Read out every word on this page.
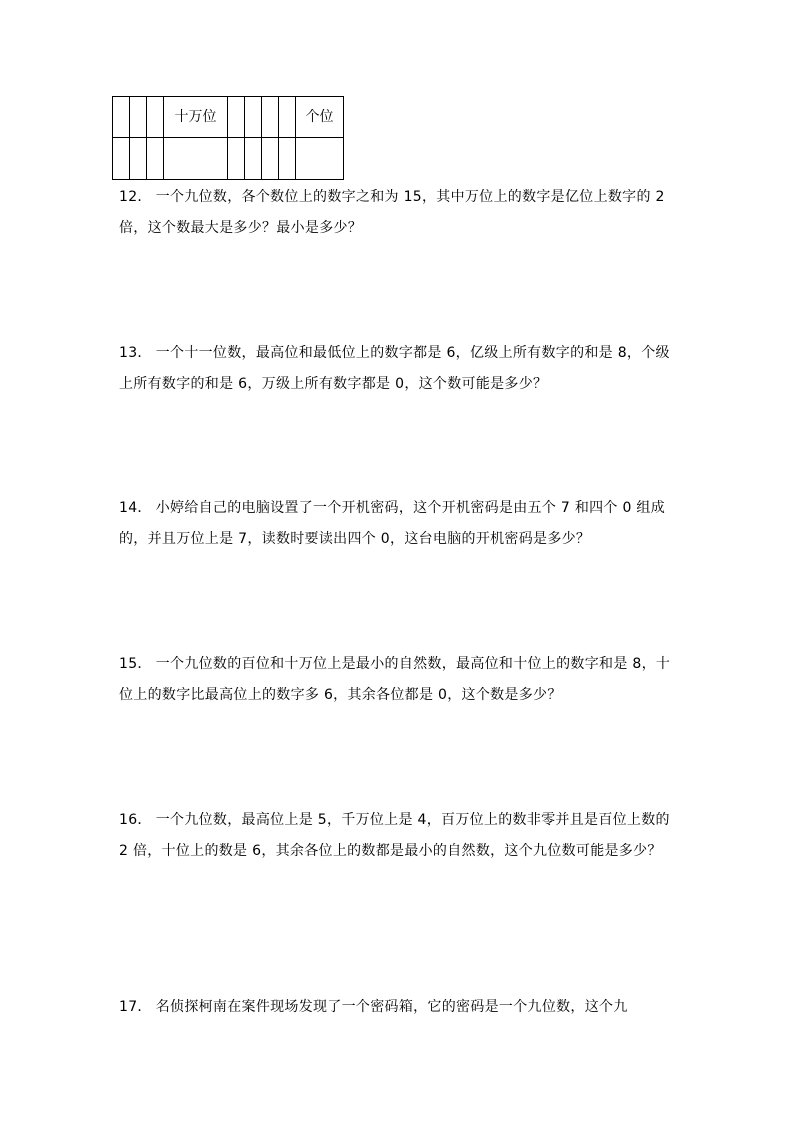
			十万位					个位

12． 一个九位数，各个数位上的数字之和为 15，其中万位上的数字是亿位上数字的 2 倍，这个数最大是多少？最小是多少？

13． 一个十一位数，最高位和最低位上的数字都是 6，亿级上所有数字的和是 8，个级上所有数字的和是 6，万级上所有数字都是 0，这个数可能是多少？

14． 小婷给自己的电脑设置了一个开机密码，这个开机密码是由五个 7 和四个 0 组成的，并且万位上是 7，读数时要读出四个 0，这台电脑的开机密码是多少？

15． 一个九位数的百位和十万位上是最小的自然数，最高位和十位上的数字和是 8，十位上的数字比最高位上的数字多 6，其余各位都是 0，这个数是多少？

16． 一个九位数，最高位上是 5，千万位上是 4，百万位上的数非零并且是百位上数的 2 倍，十位上的数是 6，其余各位上的数都是最小的自然数，这个九位数可能是多少？

17． 名侦探柯南在案件现场发现了一个密码箱，它的密码是一个九位数，这个九
